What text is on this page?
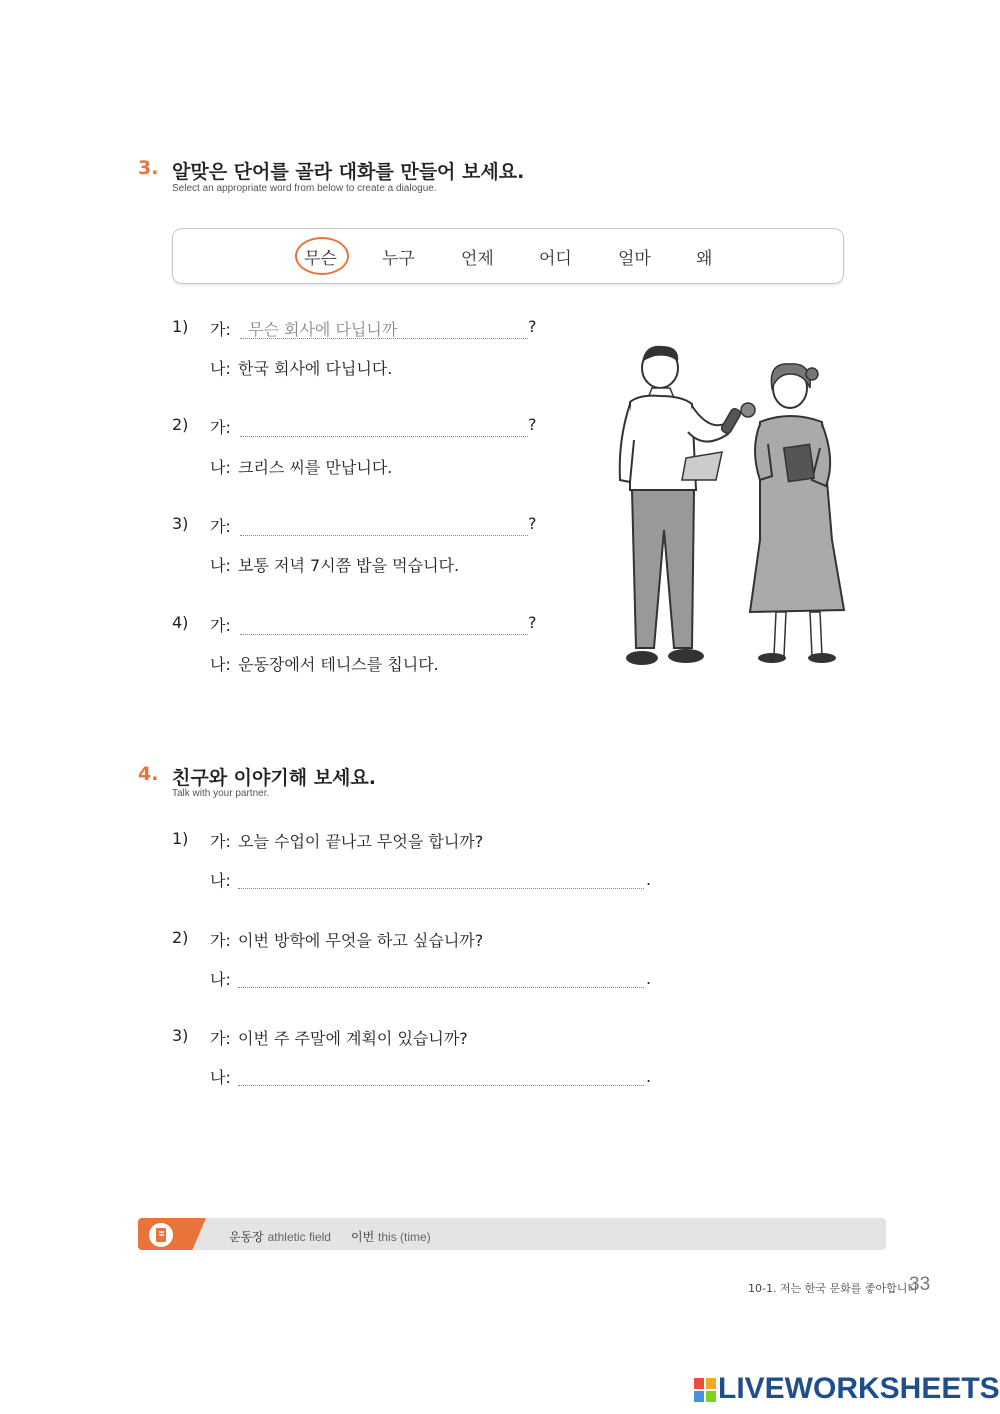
3. 알맞은 단어를 골라 대화를 만들어 보세요.
Select an appropriate word from below to create a dialogue.
무슨	누구	언제	어디	얼마	왜
1) 가: 무슨 회사에 다닙니까	?
나: 한국 회사에 다닙니다.
2) 가:	?
나: 크리스 씨를 만납니다.
3) 가:	?
나: 보통 저녁 7시쯤 밥을 먹습니다.
4) 가:	?
나: 운동장에서 테니스를 칩니다.
4. 친구와 이야기해 보세요.
Talk with your partner.
1) 가: 오늘 수업이 끝나고 무엇을 합니까?
나:	.
2) 가: 이번 방학에 무엇을 하고 싶습니까?
나:	.
3) 가: 이번 주 주말에 계획이 있습니까?
나:	.
운동장 athletic field 이번 this (time)
10-1. 저는 한국 문화를 좋아합니다
33
LIVEWORKSHEETS
